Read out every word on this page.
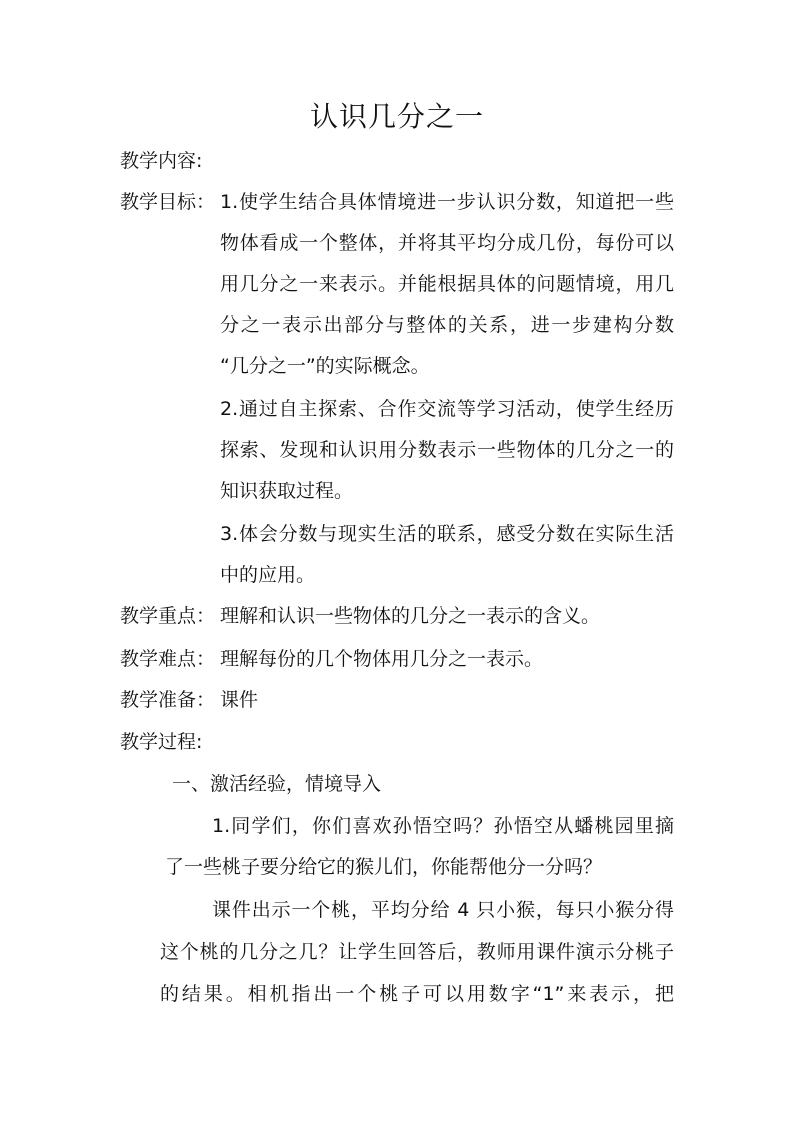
认识几分之一
教学内容:
教学目标： 1.使学生结合具体情境进一步认识分数，知道把一些
物体看成一个整体，并将其平均分成几份，每份可以
用几分之一来表示。并能根据具体的问题情境，用几
分之一表示出部分与整体的关系，进一步建构分数
“几分之一”的实际概念。
2.通过自主探索、合作交流等学习活动，使学生经历
探索、发现和认识用分数表示一些物体的几分之一的
知识获取过程。
3.体会分数与现实生活的联系，感受分数在实际生活
中的应用。
教学重点： 理解和认识一些物体的几分之一表示的含义。
教学难点： 理解每份的几个物体用几分之一表示。
教学准备： 课件
教学过程:
一、激活经验，情境导入
1.同学们，你们喜欢孙悟空吗？孙悟空从蟠桃园里摘
了一些桃子要分给它的猴儿们，你能帮他分一分吗？
课件出示一个桃，平均分给 4 只小猴，每只小猴分得
这个桃的几分之几？让学生回答后，教师用课件演示分桃子
的结果。相机指出一个桃子可以用数字“1”来表示，把
